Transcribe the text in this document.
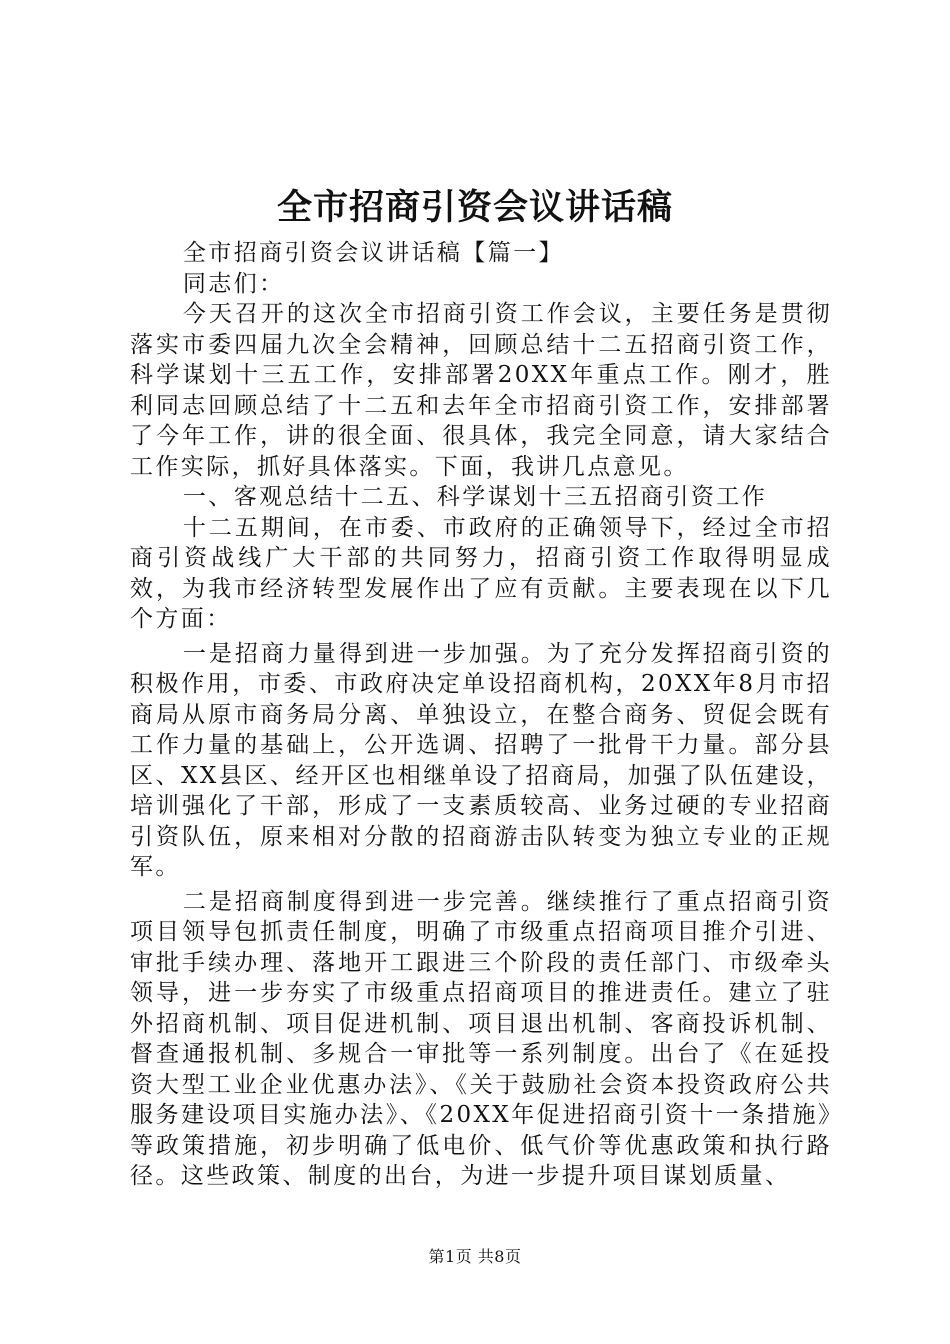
全市招商引资会议讲话稿

全市招商引资会议讲话稿【篇一】

同志们：

今天召开的这次全市招商引资工作会议，主要任务是贯彻落实市委四届九次全会精神，回顾总结十二五招商引资工作，科学谋划十三五工作，安排部署20XX年重点工作。刚才，胜利同志回顾总结了十二五和去年全市招商引资工作，安排部署了今年工作，讲的很全面、很具体，我完全同意，请大家结合工作实际，抓好具体落实。下面，我讲几点意见。

一、客观总结十二五、科学谋划十三五招商引资工作

十二五期间，在市委、市政府的正确领导下，经过全市招商引资战线广大干部的共同努力，招商引资工作取得明显成效，为我市经济转型发展作出了应有贡献。主要表现在以下几个方面：

一是招商力量得到进一步加强。为了充分发挥招商引资的积极作用，市委、市政府决定单设招商机构，20XX年8月市招商局从原市商务局分离、单独设立，在整合商务、贸促会既有工作力量的基础上，公开选调、招聘了一批骨干力量。部分县区、XX县区、经开区也相继单设了招商局，加强了队伍建设，培训强化了干部，形成了一支素质较高、业务过硬的专业招商引资队伍，原来相对分散的招商游击队转变为独立专业的正规军。

二是招商制度得到进一步完善。继续推行了重点招商引资项目领导包抓责任制度，明确了市级重点招商项目推介引进、审批手续办理、落地开工跟进三个阶段的责任部门、市级牵头领导，进一步夯实了市级重点招商项目的推进责任。建立了驻外招商机制、项目促进机制、项目退出机制、客商投诉机制、督查通报机制、多规合一审批等一系列制度。出台了《在延投资大型工业企业优惠办法》、《关于鼓励社会资本投资政府公共服务建设项目实施办法》、《20XX年促进招商引资十一条措施》等政策措施，初步明确了低电价、低气价等优惠政策和执行路径。这些政策、制度的出台，为进一步提升项目谋划质量、

第1页 共8页
